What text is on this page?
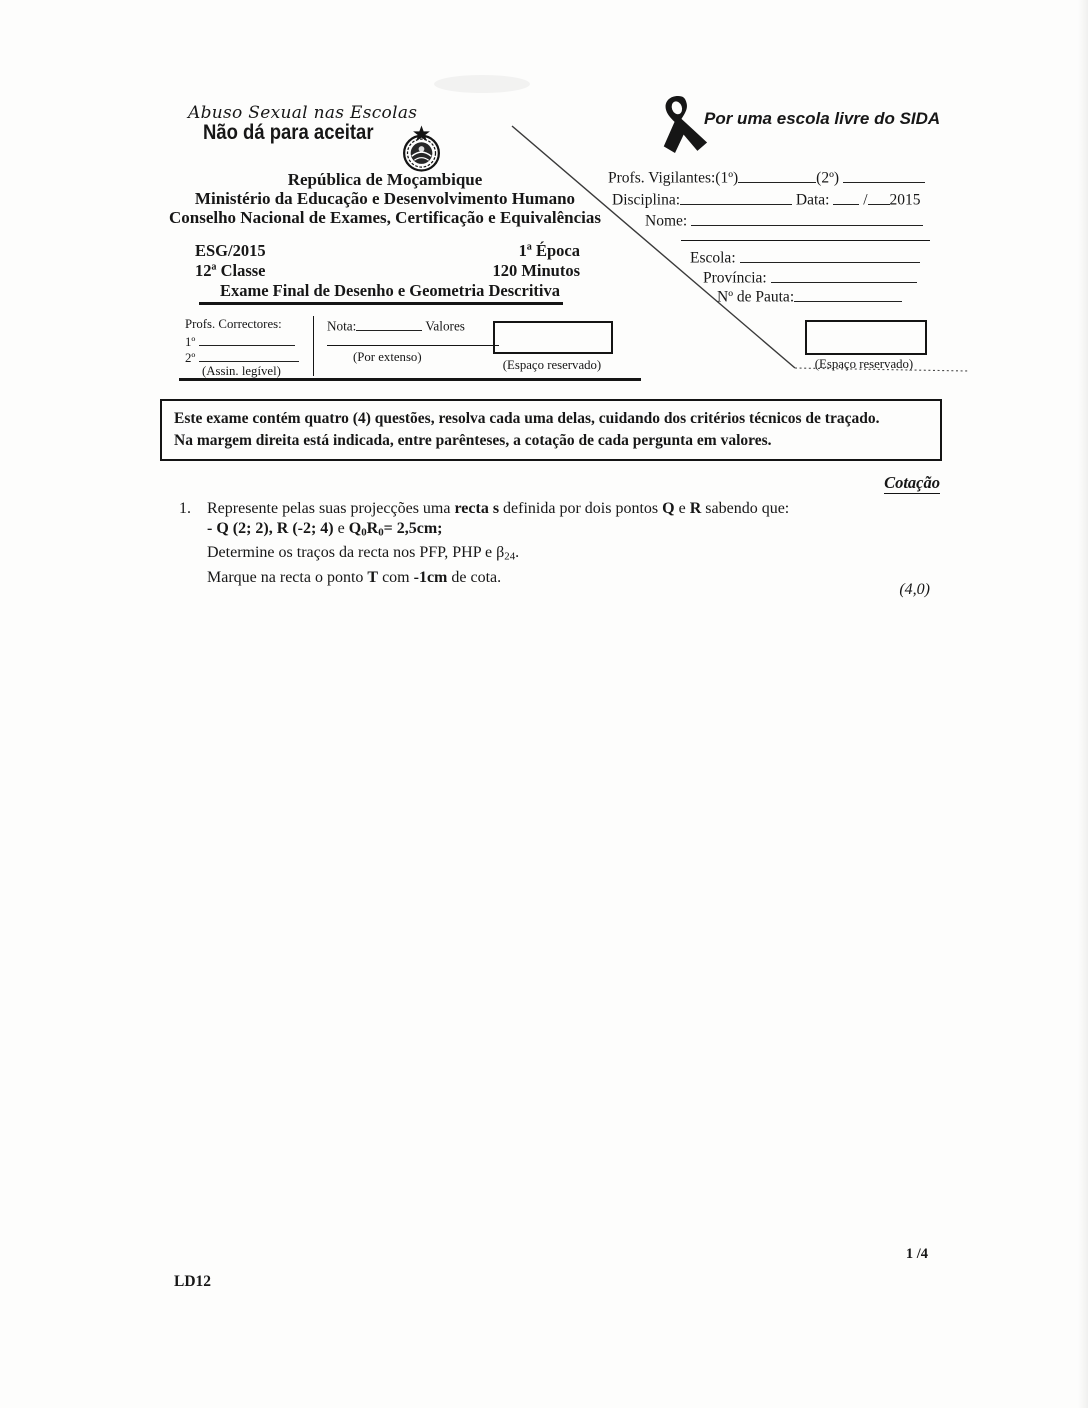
Abuso Sexual nas Escolas
Não dá para aceitar
República de Moçambique
Ministério da Educação e Desenvolvimento Humano
Conselho Nacional de Exames, Certificação e Equivalências
Por uma escola livre do SIDA
Profs. Vigilantes:(1º)	(2º)
Disciplina:	Data: / 2015
Nome:
Escola:
Província:
Nº de Pauta:
ESG/2015	1ª Época
12ª Classe	120 Minutos
Exame Final de Desenho e Geometria Descritiva
Profs. Correctores:
1º
2º
(Assin. legível)
Nota:	Valores
(Por extenso)
(Espaço reservado)	(Espaço reservado)
Este exame contém quatro (4) questões, resolva cada uma delas, cuidando dos critérios técnicos de traçado.
Na margem direita está indicada, entre parênteses, a cotação de cada pergunta em valores.
Cotação
1. Represente pelas suas projecções uma recta s definida por dois pontos Q e R sabendo que:
- Q (2; 2), R (-2; 4) e Q0R0= 2,5cm;
Determine os traços da recta nos PFP, PHP e β24.
Marque na recta o ponto T com -1cm de cota.
(4,0)
1 /4
LD12
